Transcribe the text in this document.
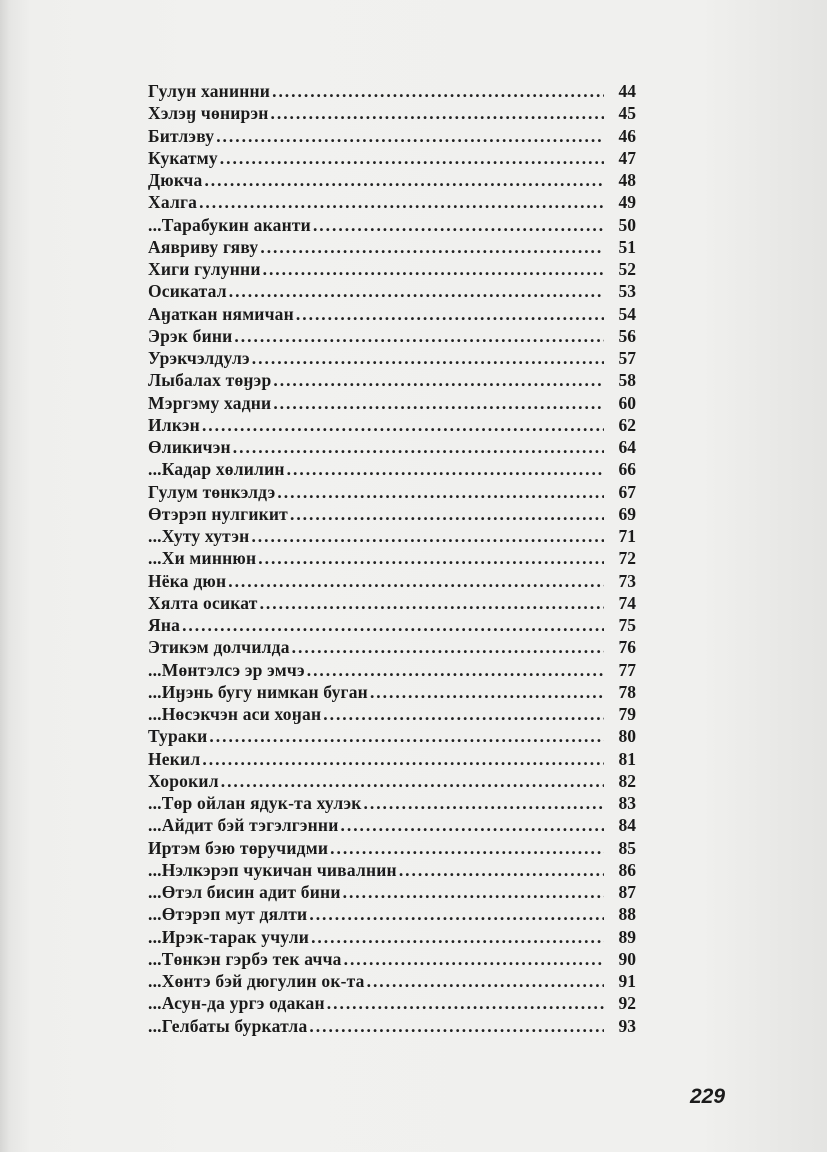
Гулун ханинни . . .	44
Хэлэӈ чөнирэн . . .	45
Битлэву . . .	46
Кукатму . . .	47
Дюкча . . .	48
Халга . . .	49
...Тарабукин аканти . . .	50
Аявриву гяву . . .	51
Хиги гулунни . . .	52
Осикатал . . .	53
Аӈаткан нямичан . . .	54
Эрэк бини . . .	56
Урэкчэлдулэ . . .	57
Лыбалах төӈэр . . .	58
Мэргэму хадни . . .	60
Илкэн . . .	62
Өликичэн . . .	64
...Кадар хөлилин . . .	66
Гулум төнкэлдэ . . .	67
Өтэрэп нулгикит . . .	69
...Хуту хутэн . . .	71
...Хи миннюн . . .	72
Нёка дюн . . .	73
Хялта осикат . . .	74
Яна . . .	75
Этикэм долчилда . . .	76
...Мөнтэлсэ эр эмчэ . . .	77
...Иӈэнь бугу нимкан буган . . .	78
...Нөсэкчэн аси хоӈан . . .	79
Тураки . . .	80
Некил . . .	81
Хорокил . . .	82
...Төр ойлан ядук-та хулэк . . .	83
...Айдит бэй тэгэлгэнни . . .	84
Иртэм бэю төручидми . . .	85
...Нэлкэрэп чукичан чивалнин . . .	86
...Өтэл бисин адит бини . . .	87
...Өтэрэп мут дялти . . .	88
...Ирэк-тарак учули . . .	89
...Төнкэн гэрбэ тек ачча . . .	90
...Хөнтэ бэй дюгулин ок-та . . .	91
...Асун-да ургэ одакан . . .	92
...Гелбаты буркатла . . .	93
229
